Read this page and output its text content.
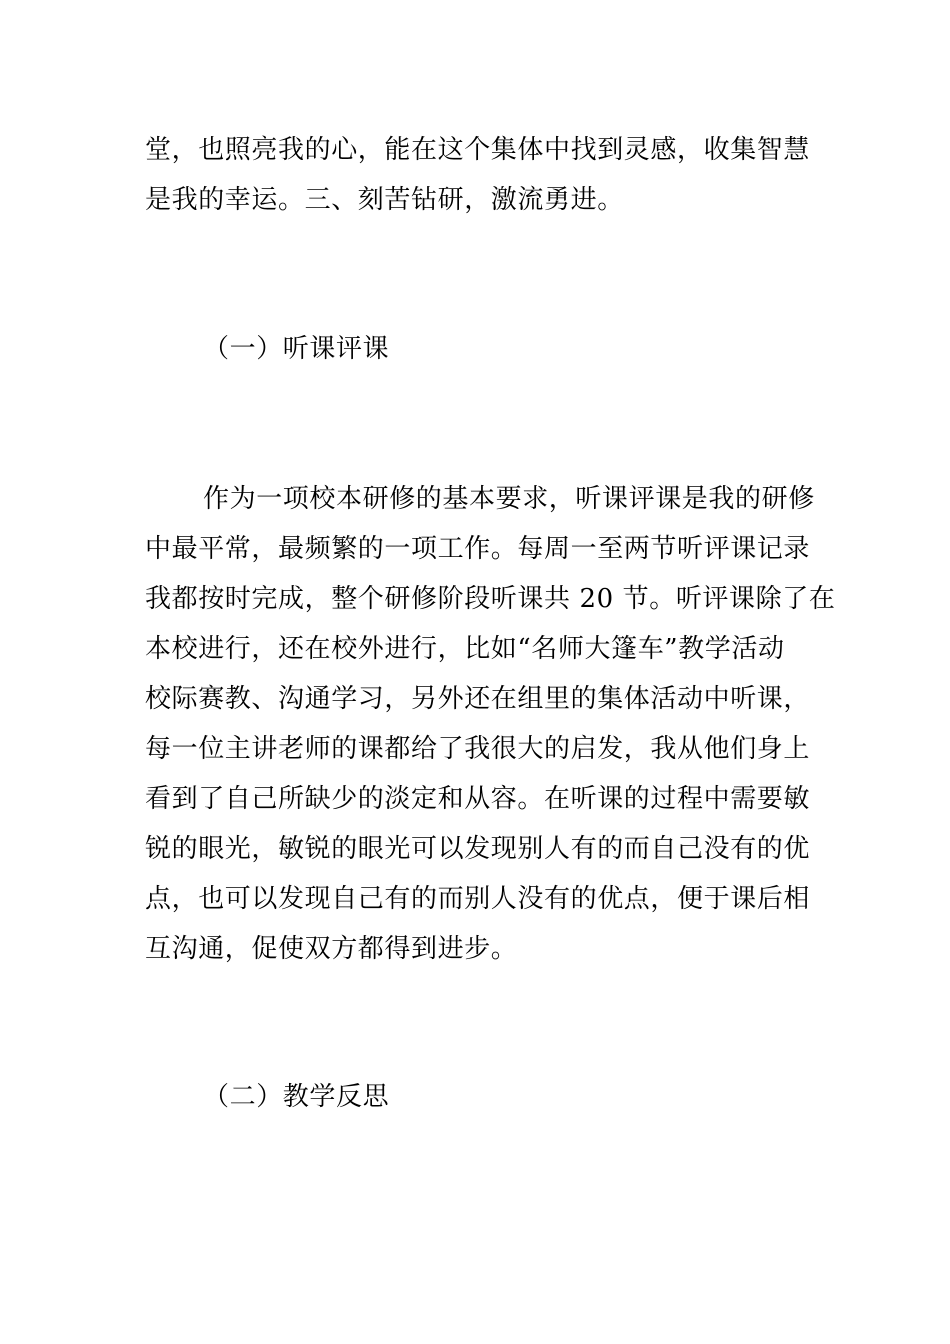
堂，也照亮我的心，能在这个集体中找到灵感，收集智慧
是我的幸运。三、刻苦钻研，激流勇进。
（一）听课评课
作为一项校本研修的基本要求，听课评课是我的研修
中最平常，最频繁的一项工作。每周一至两节听评课记录
我都按时完成，整个研修阶段听课共 20 节。听评课除了在
本校进行，还在校外进行，比如“名师大篷车”教学活动
校际赛教、沟通学习，另外还在组里的集体活动中听课，
每一位主讲老师的课都给了我很大的启发，我从他们身上
看到了自己所缺少的淡定和从容。在听课的过程中需要敏
锐的眼光，敏锐的眼光可以发现别人有的而自己没有的优
点，也可以发现自己有的而别人没有的优点，便于课后相
互沟通，促使双方都得到进步。
（二）教学反思
